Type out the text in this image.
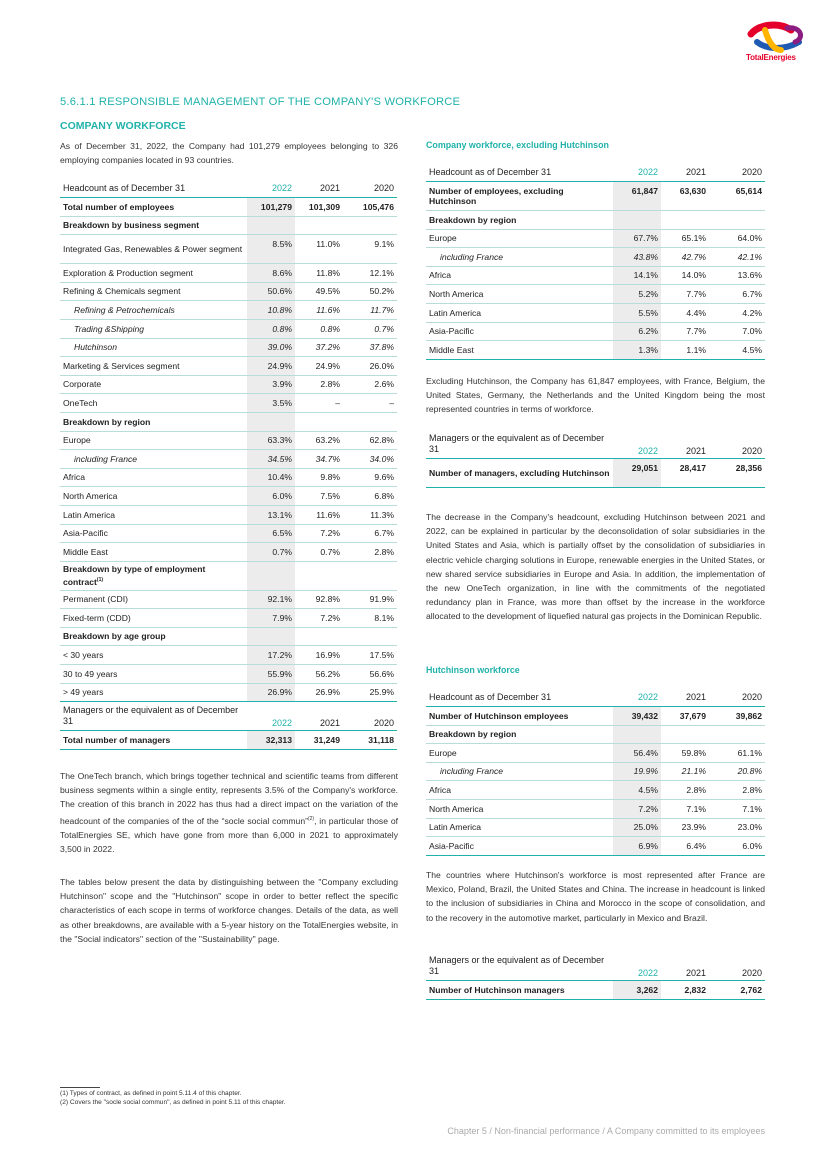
TotalEnergies
5.6.1.1 RESPONSIBLE MANAGEMENT OF THE COMPANY'S WORKFORCE
COMPANY WORKFORCE
As of December 31, 2022, the Company had 101,279 employees belonging to 326 employing companies located in 93 countries.
Headcount as of December 31	2022	2021	2020
Total number of employees	101,279	101,309	105,476
Breakdown by business segment			
Integrated Gas, Renewables & Power segment	8.5%	11.0%	9.1%
Exploration & Production segment	8.6%	11.8%	12.1%
Refining & Chemicals segment	50.6%	49.5%	50.2%
Refining & Petrochemicals	10.8%	11.6%	11.7%
Trading &Shipping	0.8%	0.8%	0.7%
Hutchinson	39.0%	37.2%	37.8%
Marketing & Services segment	24.9%	24.9%	26.0%
Corporate	3.9%	2.8%	2.6%
OneTech	3.5%	–	–
Breakdown by region			
Europe	63.3%	63.2%	62.8%
including France	34.5%	34.7%	34.0%
Africa	10.4%	9.8%	9.6%
North America	6.0%	7.5%	6.8%
Latin America	13.1%	11.6%	11.3%
Asia-Pacific	6.5%	7.2%	6.7%
Middle East	0.7%	0.7%	2.8%
Breakdown by type of employment contract$^{(1)}$			
Permanent (CDI)	92.1%	92.8%	91.9%
Fixed-term (CDD)	7.9%	7.2%	8.1%
Breakdown by age group			
< 30 years	17.2%	16.9%	17.5%
30 to 49 years	55.9%	56.2%	56.6%
> 49 years	26.9%	26.9%	25.9%
Managers or the equivalent as of December 31	2022	2021	2020
Total number of managers	32,313	31,249	31,118
The OneTech branch, which brings together technical and scientific teams from different business segments within a single entity, represents 3.5% of the Company's workforce. The creation of this branch in 2022 has thus had a direct impact on the variation of the headcount of the companies of the of the “socle social commun”$^{(2)}$, in particular those of TotalEnergies SE, which have gone from more than 6,000 in 2021 to approximately 3,500 in 2022.
The tables below present the data by distinguishing between the "Company excluding Hutchinson" scope and the "Hutchinson" scope in order to better reflect the specific characteristics of each scope in terms of workforce changes. Details of the data, as well as other breakdowns, are available with a 5-year history on the TotalEnergies website, in the "Social indicators" section of the "Sustainability" page.
Company workforce, excluding Hutchinson
Headcount as of December 31	2022	2021	2020
Number of employees, excluding Hutchinson	61,847	63,630	65,614
Breakdown by region			
Europe	67.7%	65.1%	64.0%
including France	43.8%	42.7%	42.1%
Africa	14.1%	14.0%	13.6%
North America	5.2%	7.7%	6.7%
Latin America	5.5%	4.4%	4.2%
Asia-Pacific	6.2%	7.7%	7.0%
Middle East	1.3%	1.1%	4.5%
Excluding Hutchinson, the Company has 61,847 employees, with France, Belgium, the United States, Germany, the Netherlands and the United Kingdom being the most represented countries in terms of workforce.
Managers or the equivalent as of December 31	2022	2021	2020
Number of managers, excluding Hutchinson	29,051	28,417	28,356
The decrease in the Company's headcount, excluding Hutchinson between 2021 and 2022, can be explained in particular by the deconsolidation of solar subsidiaries in the United States and Asia, which is partially offset by the consolidation of subsidiaries in electric vehicle charging solutions in Europe, renewable energies in the United States, or new shared service subsidiaries in Europe and Asia. In addition, the implementation of the new OneTech organization, in line with the commitments of the negotiated redundancy plan in France, was more than offset by the increase in the workforce allocated to the development of liquefied natural gas projects in the Dominican Republic.
Hutchinson workforce
Headcount as of December 31	2022	2021	2020
Number of Hutchinson employees	39,432	37,679	39,862
Breakdown by region			
Europe	56.4%	59.8%	61.1%
including France	19.9%	21.1%	20.8%
Africa	4.5%	2.8%	2.8%
North America	7.2%	7.1%	7.1%
Latin America	25.0%	23.9%	23.0%
Asia-Pacific	6.9%	6.4%	6.0%
The countries where Hutchinson's workforce is most represented after France are Mexico, Poland, Brazil, the United States and China. The increase in headcount is linked to the inclusion of subsidiaries in China and Morocco in the scope of consolidation, and to the recovery in the automotive market, particularly in Mexico and Brazil.
Managers or the equivalent as of December 31	2022	2021	2020
Number of Hutchinson managers	3,262	2,832	2,762
(1) Types of contract, as defined in point 5.11.4 of this chapter.
(2) Covers the "socle social commun", as defined in point 5.11 of this chapter.
Chapter 5 / Non-financial performance / A Company committed to its employees
